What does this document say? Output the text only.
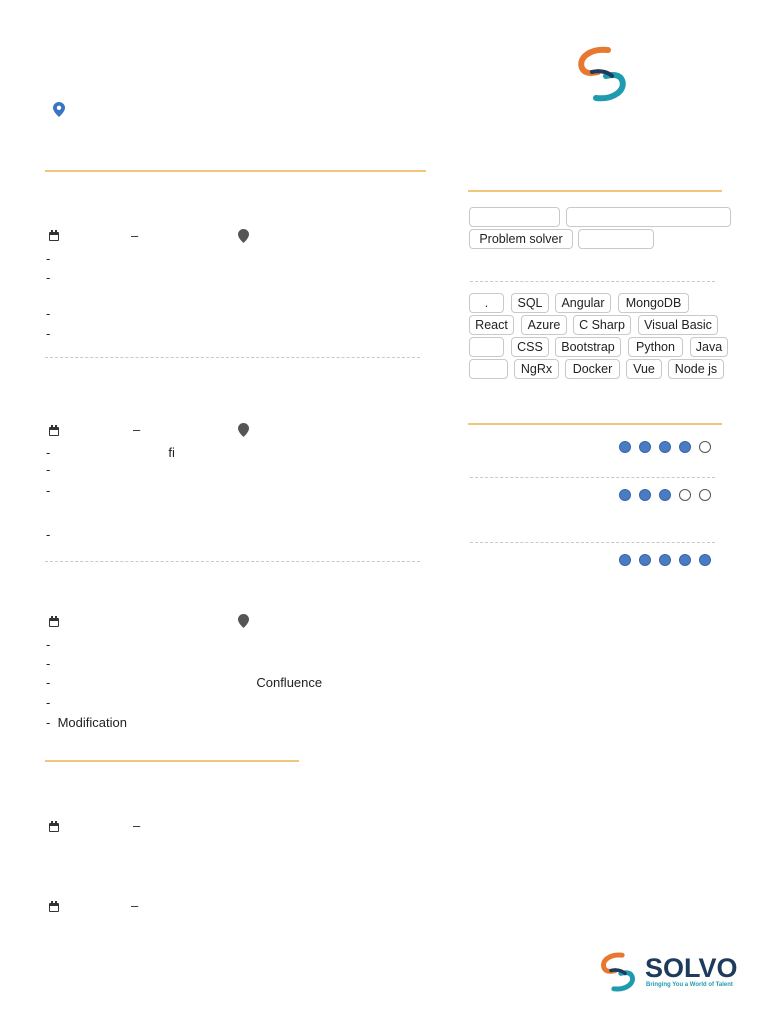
–
-
-
-
-
–
-	fi
-
-
-
-
-
-	Confluence
-
-  Modification
–
–
Problem solver
.	SQL	Angular	MongoDB
React	Azure	C Sharp	Visual Basic
CSS	Bootstrap	Python	Java
NgRx	Docker	Vue	Node js
SOLVO
Bringing You a World of Talent
